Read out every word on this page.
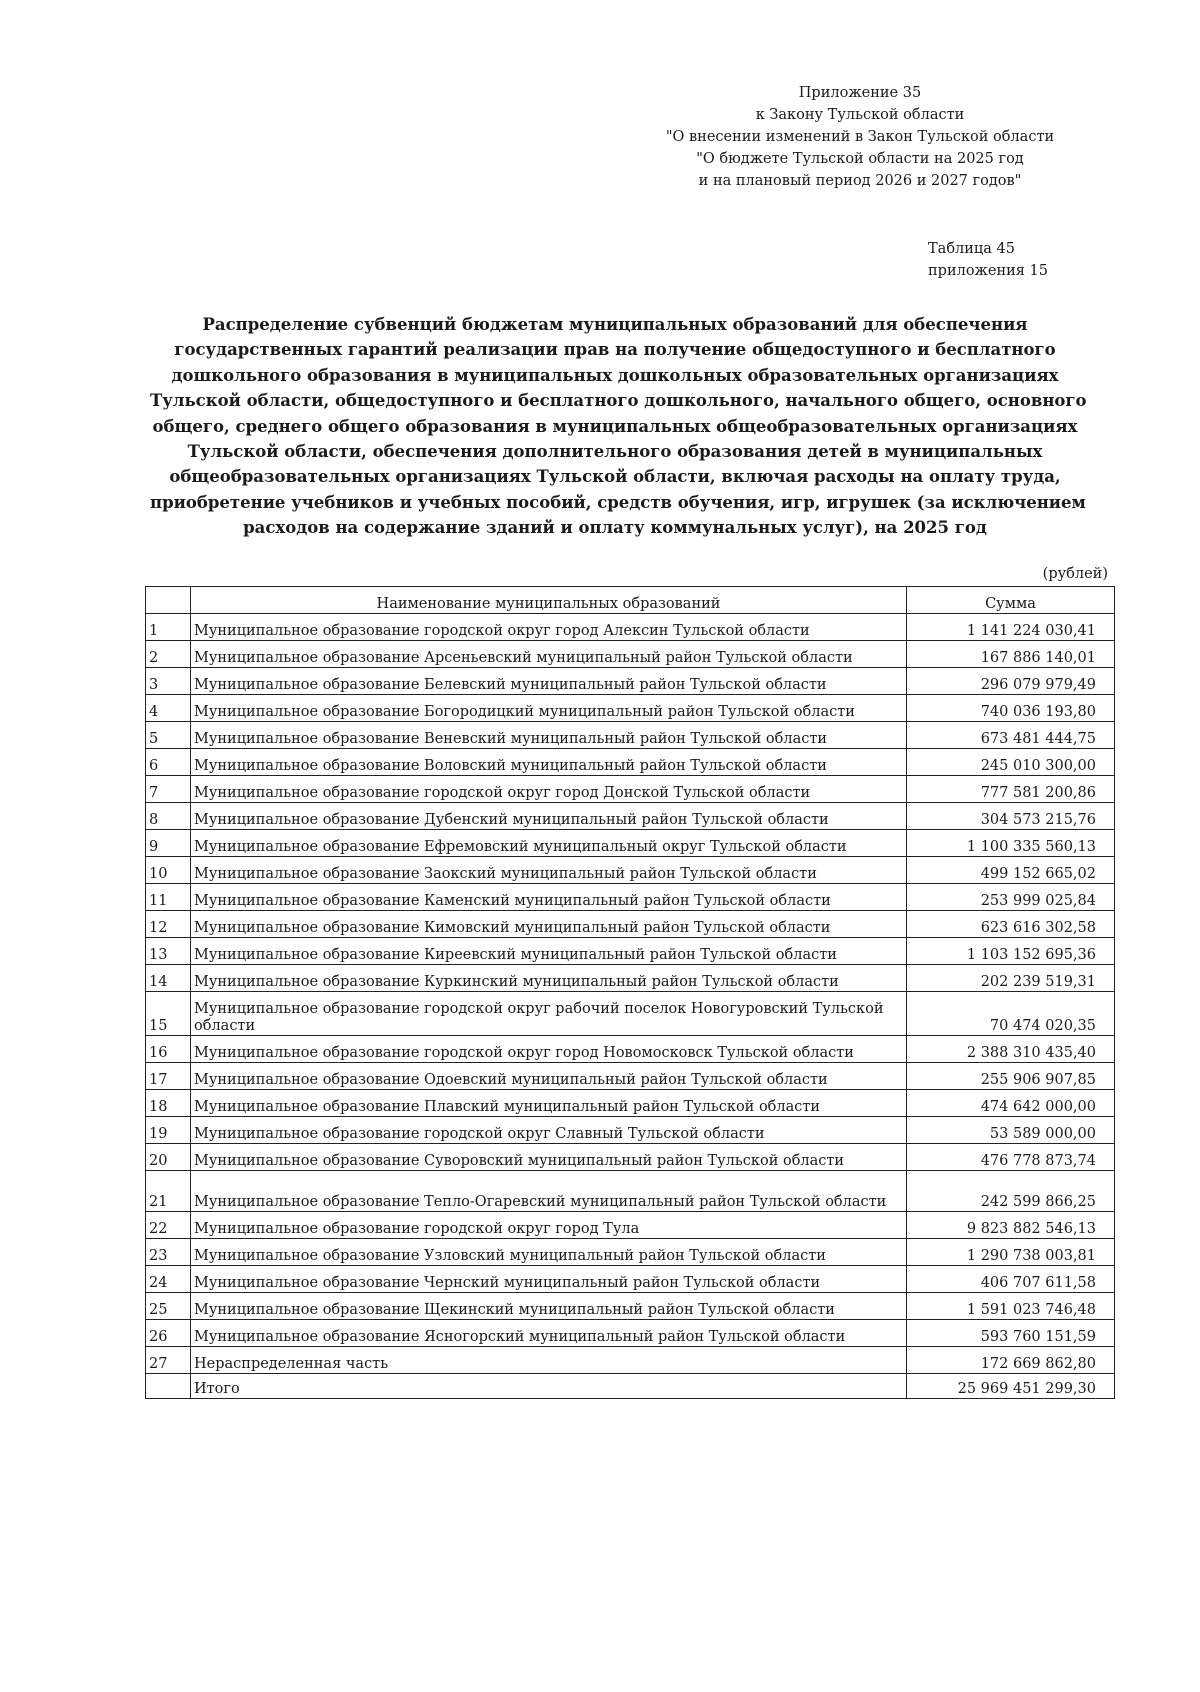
Приложение 35
к Закону Тульской области
"О внесении изменений в Закон Тульской области
"О бюджете Тульской области на 2025 год
и на плановый период 2026 и 2027 годов"
Таблица 45
приложения 15
Распределение субвенций бюджетам муниципальных образований для обеспечения
государственных гарантий реализации прав на получение общедоступного и бесплатного
дошкольного образования в муниципальных дошкольных образовательных организациях
Тульской области, общедоступного и бесплатного дошкольного, начального общего, основного
общего, среднего общего образования в муниципальных общеобразовательных организациях
Тульской области, обеспечения дополнительного образования детей в муниципальных
общеобразовательных организациях Тульской области, включая расходы на оплату труда,
приобретение учебников и учебных пособий, средств обучения, игр, игрушек (за исключением
расходов на содержание зданий и оплату коммунальных услуг), на 2025 год
(рублей)
	Наименование муниципальных образований	Сумма
1	Муниципальное образование городской округ город Алексин Тульской области	1 141 224 030,41
2	Муниципальное образование Арсеньевский муниципальный район Тульской области	167 886 140,01
3	Муниципальное образование Белевский муниципальный район Тульской области	296 079 979,49
4	Муниципальное образование Богородицкий муниципальный район Тульской области	740 036 193,80
5	Муниципальное образование Веневский муниципальный район Тульской области	673 481 444,75
6	Муниципальное образование Воловский муниципальный район Тульской области	245 010 300,00
7	Муниципальное образование городской округ город Донской Тульской области	777 581 200,86
8	Муниципальное образование Дубенский муниципальный район Тульской области	304 573 215,76
9	Муниципальное образование Ефремовский муниципальный округ Тульской области	1 100 335 560,13
10	Муниципальное образование Заокский муниципальный район Тульской области	499 152 665,02
11	Муниципальное образование Каменский муниципальный район Тульской области	253 999 025,84
12	Муниципальное образование Кимовский муниципальный район Тульской области	623 616 302,58
13	Муниципальное образование Киреевский муниципальный район Тульской области	1 103 152 695,36
14	Муниципальное образование Куркинский муниципальный район Тульской области	202 239 519,31
15	Муниципальное образование городской округ рабочий поселок Новогуровский Тульской области	70 474 020,35
16	Муниципальное образование городской округ город Новомосковск Тульской области	2 388 310 435,40
17	Муниципальное образование Одоевский муниципальный район Тульской области	255 906 907,85
18	Муниципальное образование Плавский муниципальный район Тульской области	474 642 000,00
19	Муниципальное образование городской округ Славный Тульской области	53 589 000,00
20	Муниципальное образование Суворовский муниципальный район Тульской области	476 778 873,74
21	Муниципальное образование Тепло-Огаревский муниципальный район Тульской области	242 599 866,25
22	Муниципальное образование городской округ город Тула	9 823 882 546,13
23	Муниципальное образование Узловский муниципальный район Тульской области	1 290 738 003,81
24	Муниципальное образование Чернский муниципальный район Тульской области	406 707 611,58
25	Муниципальное образование Щекинский муниципальный район Тульской области	1 591 023 746,48
26	Муниципальное образование Ясногорский муниципальный район Тульской области	593 760 151,59
27	Нераспределенная часть	172 669 862,80
	Итого	25 969 451 299,30
